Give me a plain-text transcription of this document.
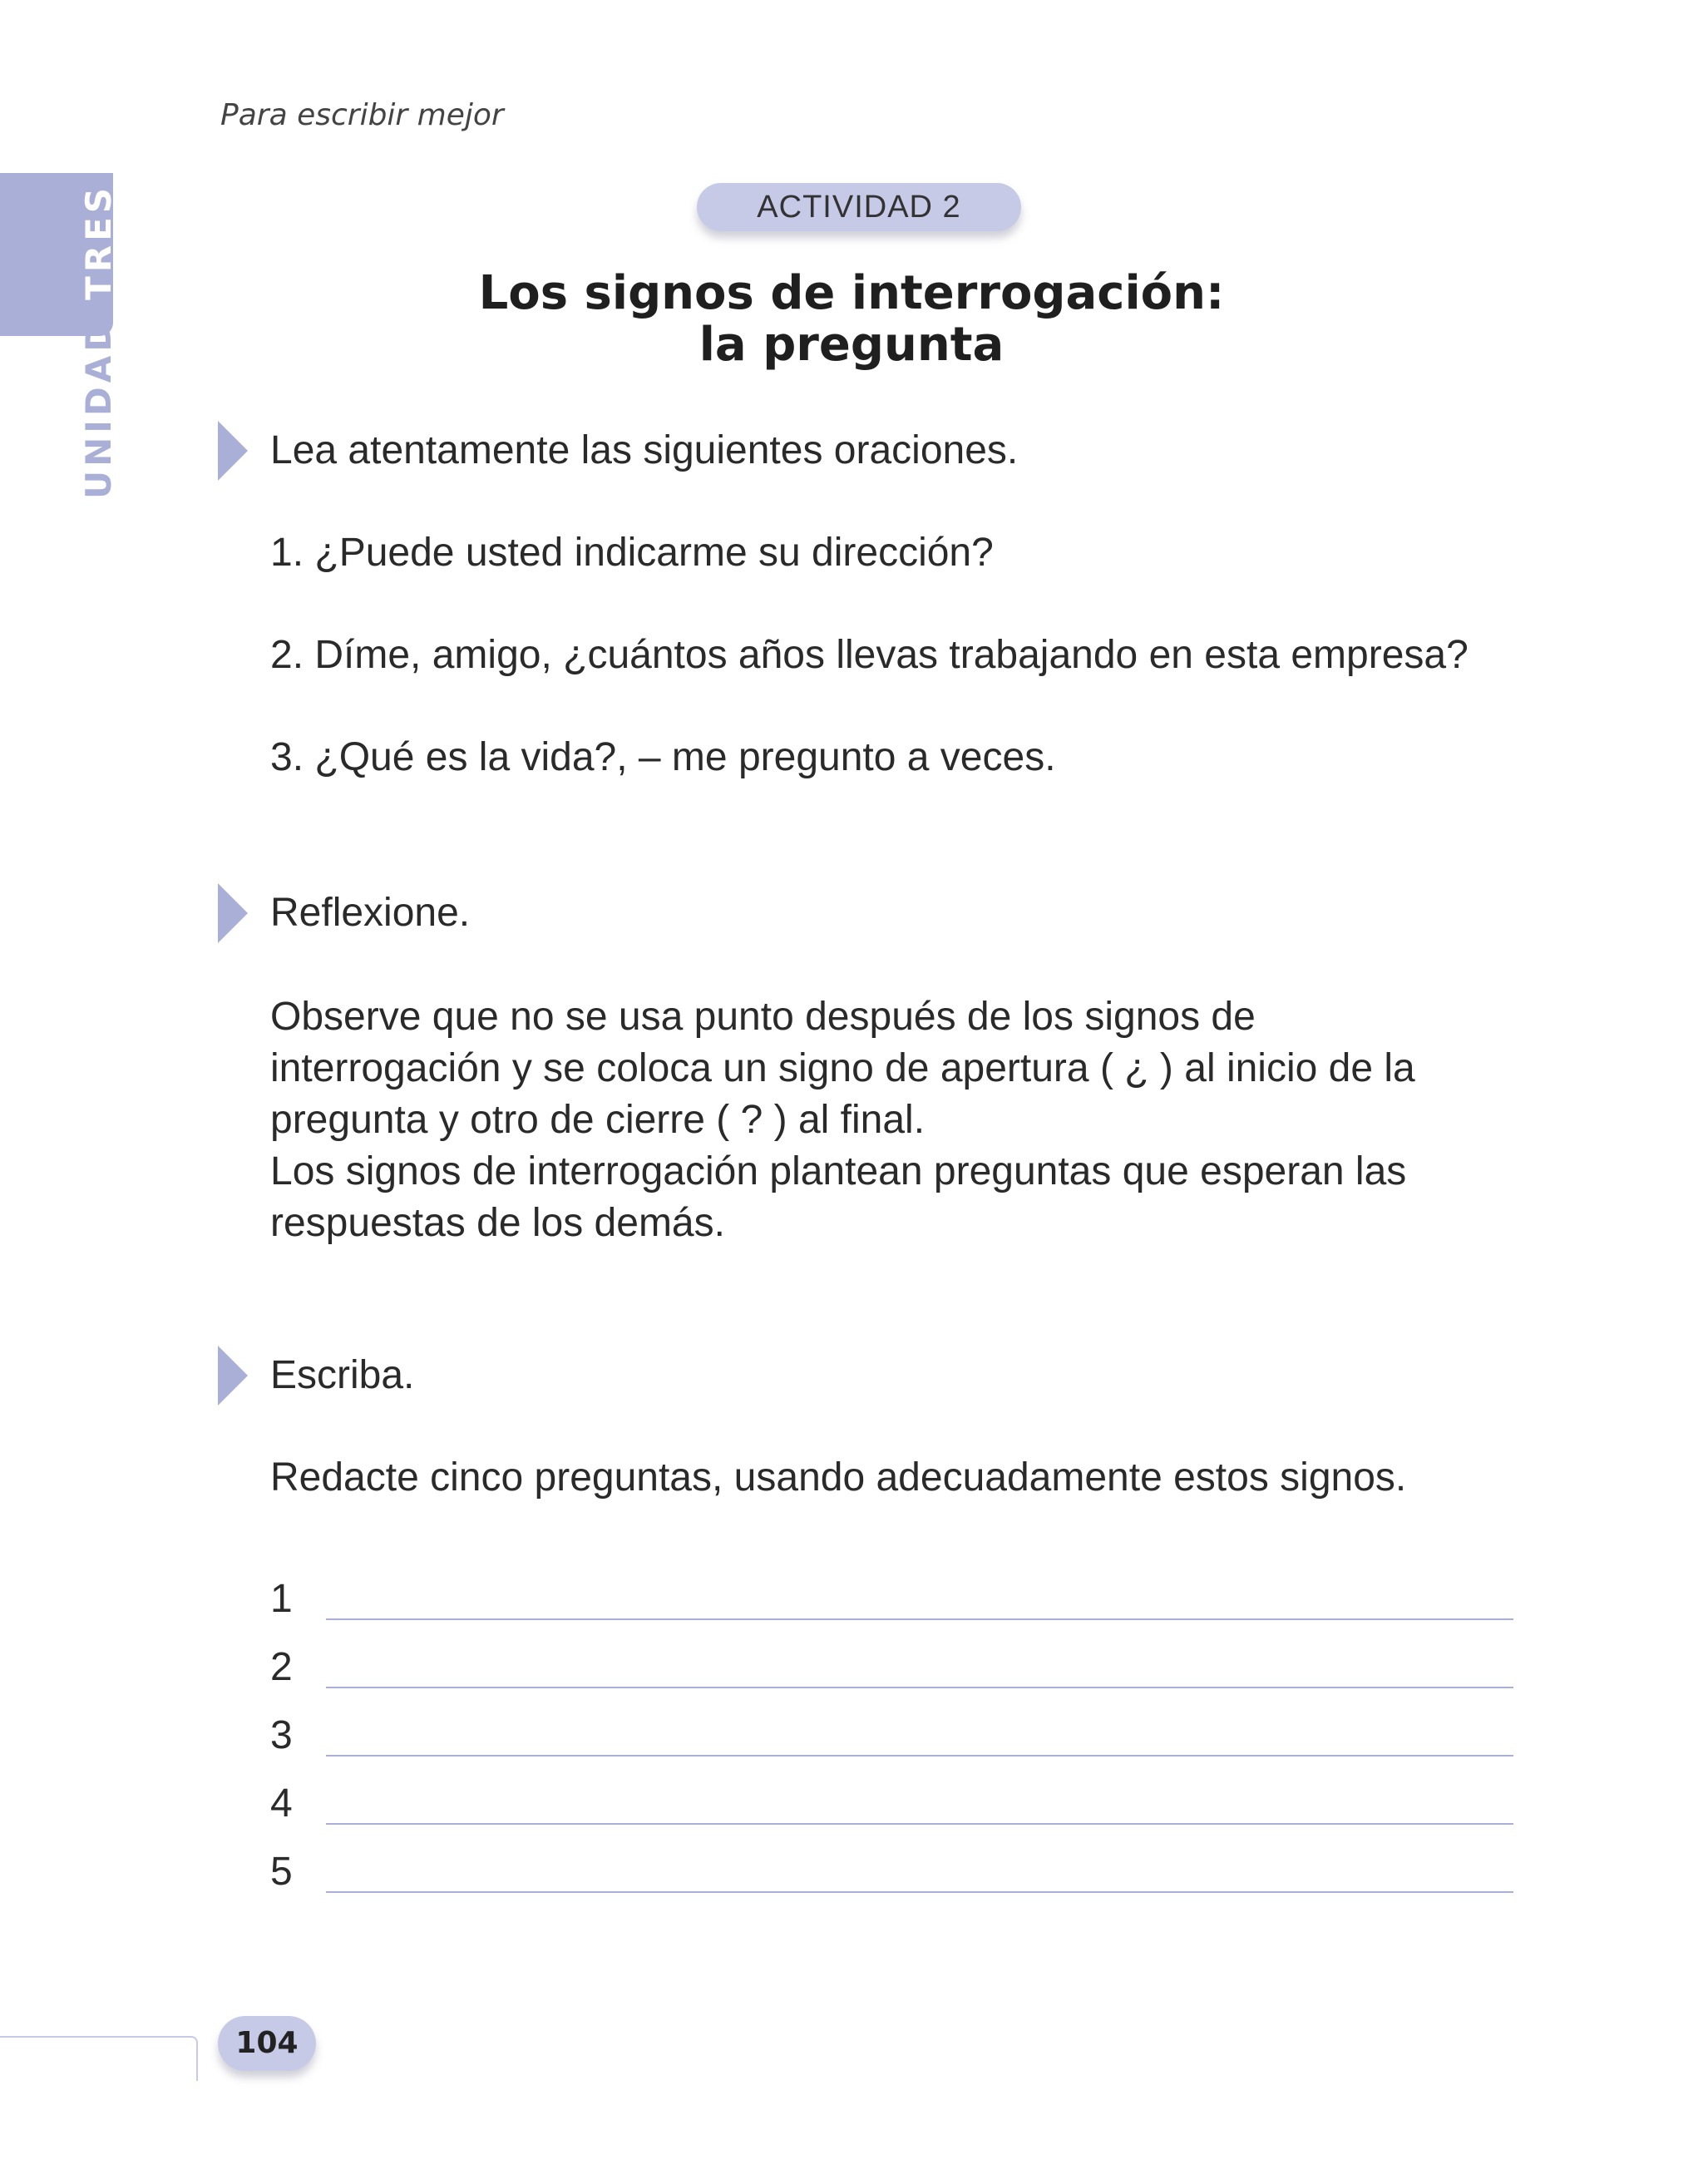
Para escribir mejor
UNIDADTRES	ACTIVIDAD 2
Los signos de interrogación:
la pregunta
Lea atentamente las siguientes oraciones.
1. ¿Puede usted indicarme su dirección?
2. Díme, amigo, ¿cuántos años llevas trabajando en esta empresa?
3. ¿Qué es la vida?, – me pregunto a veces.
Reflexione.

Observe que no se usa punto después de los signos de

interrogación y se coloca un signo de apertura ( ¿ ) al inicio de la

pregunta y otro de cierre ( ? ) al final.

Los signos de interrogación plantean preguntas que esperan las

respuestas de los demás.

Escriba.
Redacte cinco preguntas, usando adecuadamente estos signos.
1
2
3
4
5
104
